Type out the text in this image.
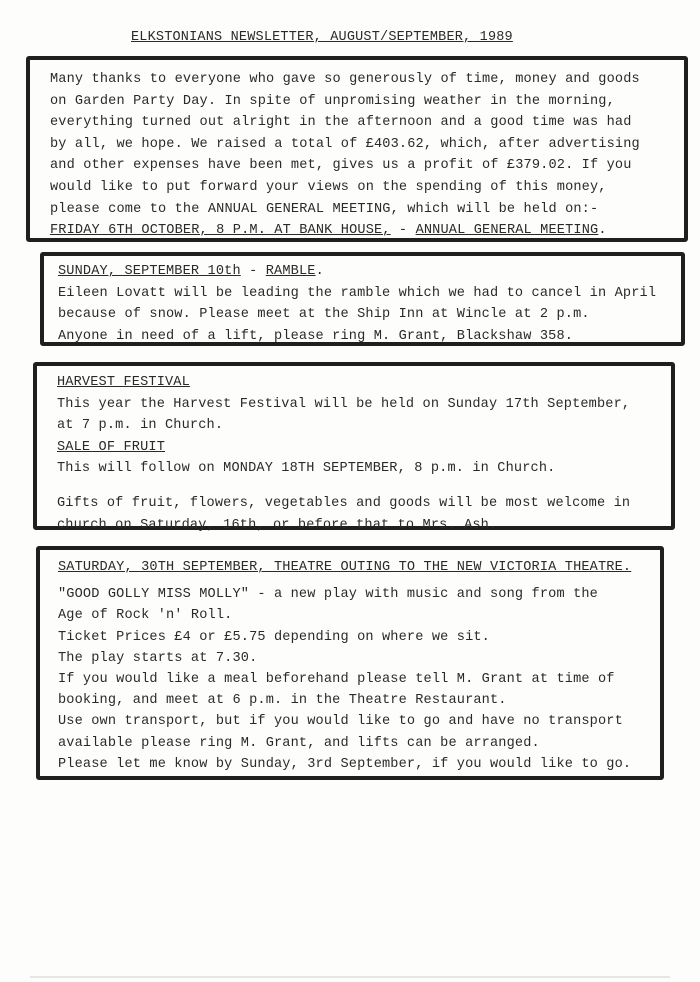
ELKSTONIANS NEWSLETTER, AUGUST/SEPTEMBER, 1989
Many thanks to everyone who gave so generously of time, money and goods
on Garden Party Day. In spite of unpromising weather in the morning,
everything turned out alright in the afternoon and a good time was had
by all, we hope. We raised a total of £403.62, which, after advertising
and other expenses have been met, gives us a profit of £379.02. If you
would like to put forward your views on the spending of this money,
please come to the ANNUAL GENERAL MEETING, which will be held on:-
FRIDAY 6TH OCTOBER, 8 P.M. AT BANK HOUSE, - ANNUAL GENERAL MEETING.
SUNDAY, SEPTEMBER 10th - RAMBLE.
Eileen Lovatt will be leading the ramble which we had to cancel in April
because of snow. Please meet at the Ship Inn at Wincle at 2 p.m.
Anyone in need of a lift, please ring M. Grant, Blackshaw 358.
HARVEST FESTIVAL
This year the Harvest Festival will be held on Sunday 17th September,
at 7 p.m. in Church.
SALE OF FRUIT
This will follow on MONDAY 18TH SEPTEMBER, 8 p.m. in Church.
Gifts of fruit, flowers, vegetables and goods will be most welcome in
church on Saturday, 16th, or before that to Mrs. Ash.
SATURDAY, 30TH SEPTEMBER, THEATRE OUTING TO THE NEW VICTORIA THEATRE.
"GOOD GOLLY MISS MOLLY" - a new play with music and song from the
Age of Rock 'n' Roll.
Ticket Prices £4 or £5.75 depending on where we sit.
The play starts at 7.30.
If you would like a meal beforehand please tell M. Grant at time of
booking, and meet at 6 p.m. in the Theatre Restaurant.
Use own transport, but if you would like to go and have no transport
available please ring M. Grant, and lifts can be arranged.
Please let me know by Sunday, 3rd September, if you would like to go.
